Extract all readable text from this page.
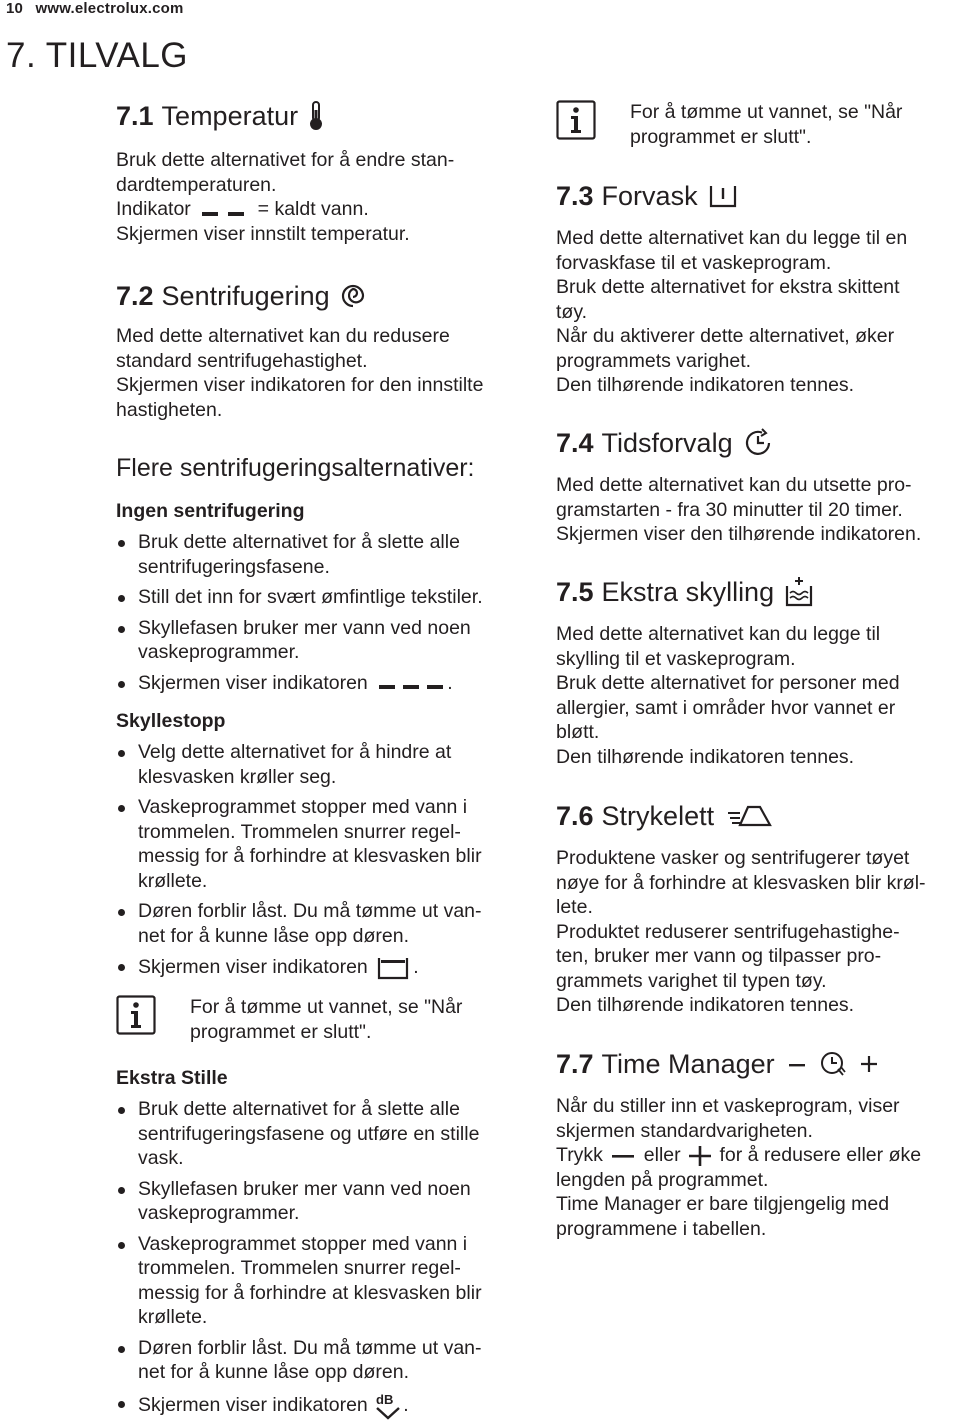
10 www.electrolux.com
7. TILVALG
7.1 Temperatur

Bruk dette alternativet for å endre stan-

dardtemperaturen.

Indikator	= kaldt vann.

Skjermen viser innstilt temperatur.

7.2 Sentrifugering

Med dette alternativet kan du redusere

standard sentrifugehastighet.

Skjermen viser indikatoren for den innstilte

hastigheten.

Flere sentrifugeringsalternativer:

Ingen sentrifugering

Bruk dette alternativet for å slette alle
sentrifugeringsfasene.
Still det inn for svært ømfintlige tekstiler.
Skyllefasen bruker mer vann ved noen
vaskeprogrammer.
Skjermen viser indikatoren	.

Skyllestopp

Velg dette alternativet for å hindre at
klesvasken krøller seg.
Vaskeprogrammet stopper med vann i
trommelen. Trommelen snurrer regel-
messig for å forhindre at klesvasken blir
krøllete.
Døren forblir låst. Du må tømme ut van-
net for å kunne låse opp døren.
Skjermen viser indikatoren .
For å tømme ut vannet, se "Når
programmet er slutt".

Ekstra Stille

Bruk dette alternativet for å slette alle
sentrifugeringsfasene og utføre en stille
vask.
Skyllefasen bruker mer vann ved noen
vaskeprogrammer.
Vaskeprogrammet stopper med vann i
trommelen. Trommelen snurrer regel-
messig for å forhindre at klesvasken blir
krøllete.
Døren forblir låst. Du må tømme ut van-
net for å kunne låse opp døren.
Skjermen viser indikatoren dB .
For å tømme ut vannet, se "Når
programmet er slutt".
7.3 Forvask

Med dette alternativet kan du legge til en

forvaskfase til et vaskeprogram.

Bruk dette alternativet for ekstra skittent

tøy.

Når du aktiverer dette alternativet, øker

programmets varighet.

Den tilhørende indikatoren tennes.

7.4 Tidsforvalg

Med dette alternativet kan du utsette pro-

gramstarten - fra 30 minutter til 20 timer.

Skjermen viser den tilhørende indikatoren.

7.5 Ekstra skylling

Med dette alternativet kan du legge til

skylling til et vaskeprogram.

Bruk dette alternativet for personer med

allergier, samt i områder hvor vannet er

bløtt.

Den tilhørende indikatoren tennes.

7.6 Strykelett

Produktene vasker og sentrifugerer tøyet

nøye for å forhindre at klesvasken blir krøl-

lete.

Produktet reduserer sentrifugehastighe-

ten, bruker mer vann og tilpasser pro-

grammets varighet til typen tøy.

Den tilhørende indikatoren tennes.

7.7 Time Manager

Når du stiller inn et vaskeprogram, viser

skjermen standardvarigheten.

Trykk eller for å redusere eller øke

lengden på programmet.

Time Manager er bare tilgjengelig med

programmene i tabellen.
